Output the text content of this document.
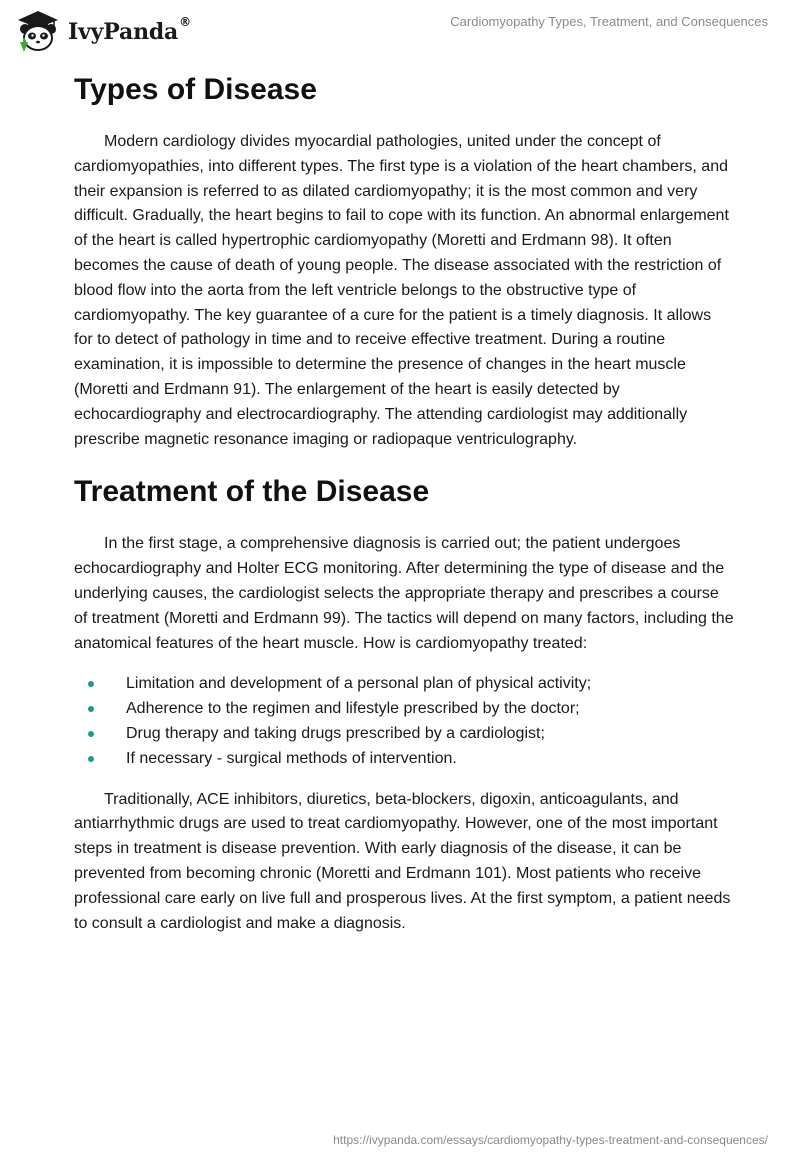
IvyPanda®	Cardiomyopathy Types, Treatment, and Consequences
Types of Disease

Modern cardiology divides myocardial pathologies, united under the concept of cardiomyopathies, into different types. The first type is a violation of the heart chambers, and their expansion is referred to as dilated cardiomyopathy; it is the most common and very difficult. Gradually, the heart begins to fail to cope with its function. An abnormal enlargement of the heart is called hypertrophic cardiomyopathy (Moretti and Erdmann 98). It often becomes the cause of death of young people. The disease associated with the restriction of blood flow into the aorta from the left ventricle belongs to the obstructive type of cardiomyopathy. The key guarantee of a cure for the patient is a timely diagnosis. It allows for to detect of pathology in time and to receive effective treatment. During a routine examination, it is impossible to determine the presence of changes in the heart muscle (Moretti and Erdmann 91). The enlargement of the heart is easily detected by echocardiography and electrocardiography. The attending cardiologist may additionally prescribe magnetic resonance imaging or radiopaque ventriculography.

Treatment of the Disease

In the first stage, a comprehensive diagnosis is carried out; the patient undergoes echocardiography and Holter ECG monitoring. After determining the type of disease and the underlying causes, the cardiologist selects the appropriate therapy and prescribes a course of treatment (Moretti and Erdmann 99). The tactics will depend on many factors, including the anatomical features of the heart muscle. How is cardiomyopathy treated:

Limitation and development of a personal plan of physical activity;
Adherence to the regimen and lifestyle prescribed by the doctor;
Drug therapy and taking drugs prescribed by a cardiologist;
If necessary - surgical methods of intervention.

Traditionally, ACE inhibitors, diuretics, beta-blockers, digoxin, anticoagulants, and antiarrhythmic drugs are used to treat cardiomyopathy. However, one of the most important steps in treatment is disease prevention. With early diagnosis of the disease, it can be prevented from becoming chronic (Moretti and Erdmann 101). Most patients who receive professional care early on live full and prosperous lives. At the first symptom, a patient needs to consult a cardiologist and make a diagnosis.

https://ivypanda.com/essays/cardiomyopathy-types-treatment-and-consequences/
